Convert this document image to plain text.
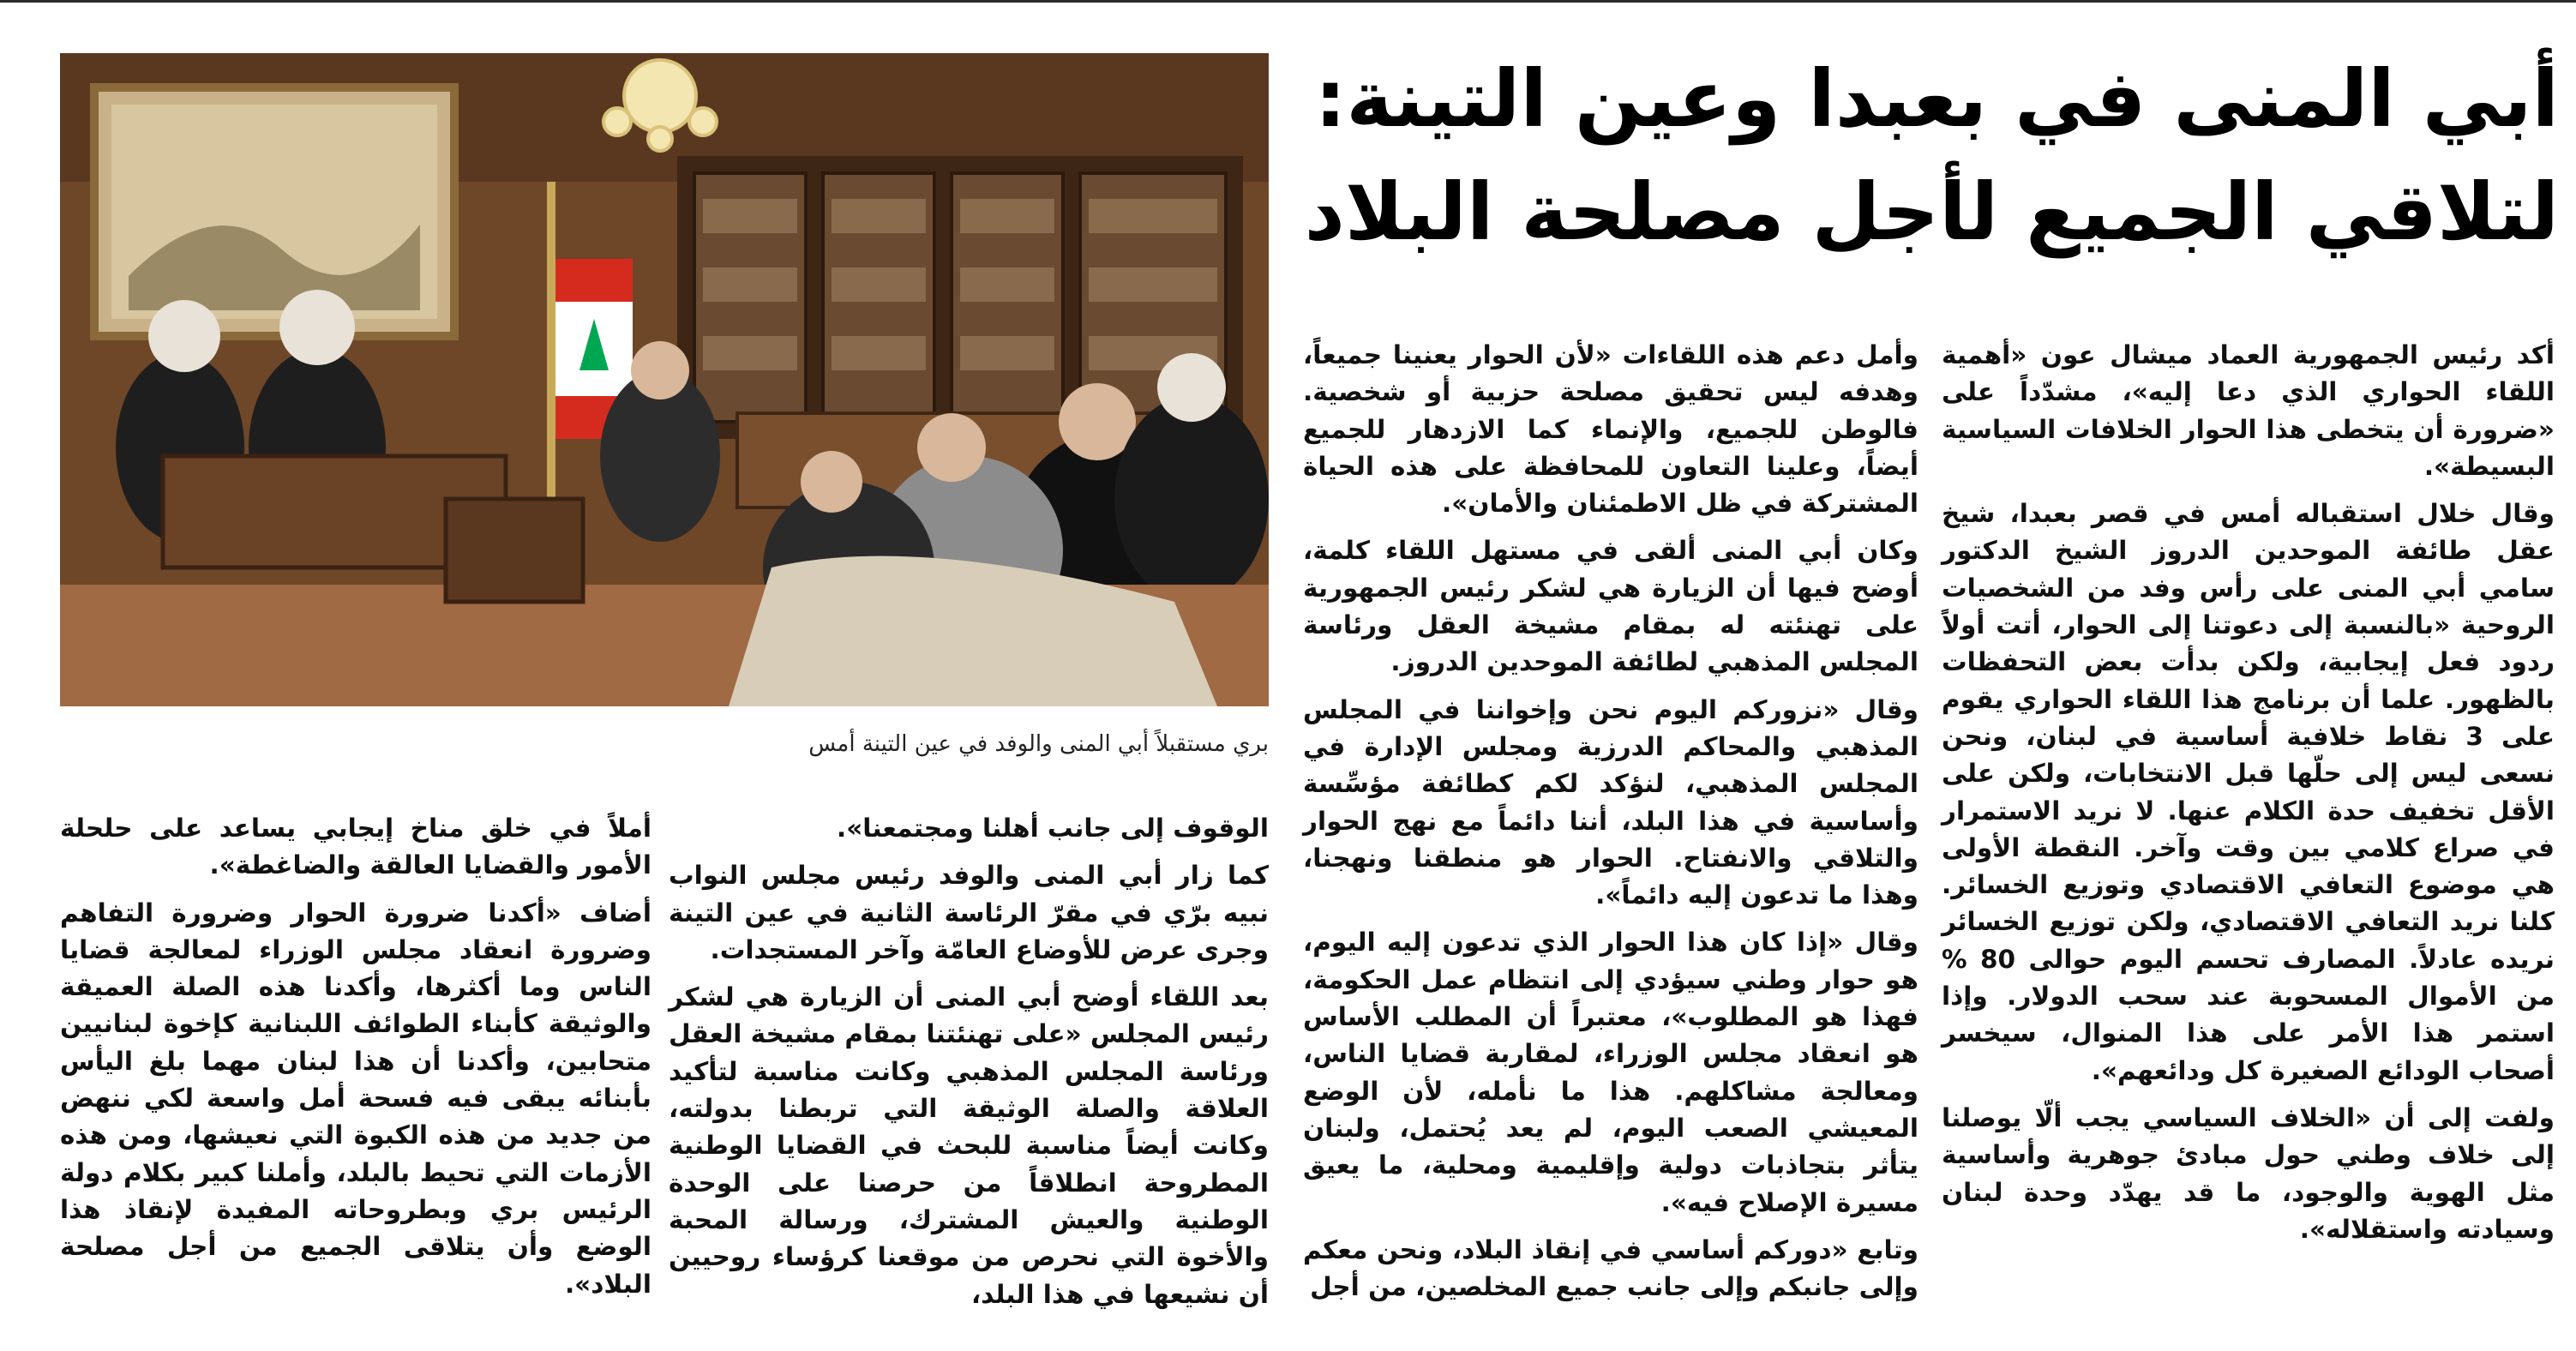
أبي المنى في بعبدا وعين التينة:
لتلاقي الجميع لأجل مصلحة البلاد
بري مستقبلاً أبي المنى والوفد في عين التينة أمس

أكد رئيس الجمهورية العماد ميشال عون «أهمية اللقاء الحواري الذي دعا إليه»، مشدّداً على «ضرورة أن يتخطى هذا الحوار الخلافات السياسية البسيطة».

وقال خلال استقباله أمس في قصر بعبدا، شيخ عقل طائفة الموحدين الدروز الشيخ الدكتور سامي أبي المنى على رأس وفد من الشخصيات الروحية «بالنسبة إلى دعوتنا إلى الحوار، أتت أولاً ردود فعل إيجابية، ولكن بدأت بعض التحفظات بالظهور. علما أن برنامج هذا اللقاء الحواري يقوم على 3 نقاط خلافية أساسية في لبنان، ونحن نسعى ليس إلى حلّها قبل الانتخابات، ولكن على الأقل تخفيف حدة الكلام عنها. لا نريد الاستمرار في صراع كلامي بين وقت وآخر. النقطة الأولى هي موضوع التعافي الاقتصادي وتوزيع الخسائر. كلنا نريد التعافي الاقتصادي، ولكن توزيع الخسائر نريده عادلاً. المصارف تحسم اليوم حوالى 80 % من الأموال المسحوبة عند سحب الدولار. وإذا استمر هذا الأمر على هذا المنوال، سيخسر أصحاب الودائع الصغيرة كل ودائعهم».

ولفت إلى أن «الخلاف السياسي يجب ألّا يوصلنا إلى خلاف وطني حول مبادئ جوهرية وأساسية مثل الهوية والوجود، ما قد يهدّد وحدة لبنان وسيادته واستقلاله».

وأمل دعم هذه اللقاءات «لأن الحوار يعنينا جميعاً، وهدفه ليس تحقيق مصلحة حزبية أو شخصية. فالوطن للجميع، والإنماء كما الازدهار للجميع أيضاً، وعلينا التعاون للمحافظة على هذه الحياة المشتركة في ظل الاطمئنان والأمان».

وكان أبي المنى ألقى في مستهل اللقاء كلمة، أوضح فيها أن الزيارة هي لشكر رئيس الجمهورية على تهنئته له بمقام مشيخة العقل ورئاسة المجلس المذهبي لطائفة الموحدين الدروز.

وقال «نزوركم اليوم نحن وإخواننا في المجلس المذهبي والمحاكم الدرزية ومجلس الإدارة في المجلس المذهبي، لنؤكد لكم كطائفة مؤسِّسة وأساسية في هذا البلد، أننا دائماً مع نهج الحوار والتلاقي والانفتاح. الحوار هو منطقنا ونهجنا، وهذا ما تدعون إليه دائماً».

وقال «إذا كان هذا الحوار الذي تدعون إليه اليوم، هو حوار وطني سيؤدي إلى انتظام عمل الحكومة، فهذا هو المطلوب»، معتبراً أن المطلب الأساس هو انعقاد مجلس الوزراء، لمقاربة قضايا الناس، ومعالجة مشاكلهم. هذا ما نأمله، لأن الوضع المعيشي الصعب اليوم، لم يعد يُحتمل، ولبنان يتأثر بتجاذبات دولية وإقليمية ومحلية، ما يعيق مسيرة الإصلاح فيه».

وتابع «دوركم أساسي في إنقاذ البلاد، ونحن معكم وإلى جانبكم وإلى جانب جميع المخلصين، من أجل

الوقوف إلى جانب أهلنا ومجتمعنا».

كما زار أبي المنى والوفد رئيس مجلس النواب نبيه برّي في مقرّ الرئاسة الثانية في عين التينة وجرى عرض للأوضاع العامّة وآخر المستجدات.

بعد اللقاء أوضح أبي المنى أن الزيارة هي لشكر رئيس المجلس «على تهنئتنا بمقام مشيخة العقل ورئاسة المجلس المذهبي وكانت مناسبة لتأكيد العلاقة والصلة الوثيقة التي تربطنا بدولته، وكانت أيضاً مناسبة للبحث في القضايا الوطنية المطروحة انطلاقاً من حرصنا على الوحدة الوطنية والعيش المشترك، ورسالة المحبة والأخوة التي نحرص من موقعنا كرؤساء روحيين أن نشيعها في هذا البلد،

أملاً في خلق مناخ إيجابي يساعد على حلحلة الأمور والقضايا العالقة والضاغطة».

أضاف «أكدنا ضرورة الحوار وضرورة التفاهم وضرورة انعقاد مجلس الوزراء لمعالجة قضايا الناس وما أكثرها، وأكدنا هذه الصلة العميقة والوثيقة كأبناء الطوائف اللبنانية كإخوة لبنانيين متحابين، وأكدنا أن هذا لبنان مهما بلغ اليأس بأبنائه يبقى فيه فسحة أمل واسعة لكي ننهض من جديد من هذه الكبوة التي نعيشها، ومن هذه الأزمات التي تحيط بالبلد، وأملنا كبير بكلام دولة الرئيس بري وبطروحاته المفيدة لإنقاذ هذا الوضع وأن يتلاقى الجميع من أجل مصلحة البلاد».
